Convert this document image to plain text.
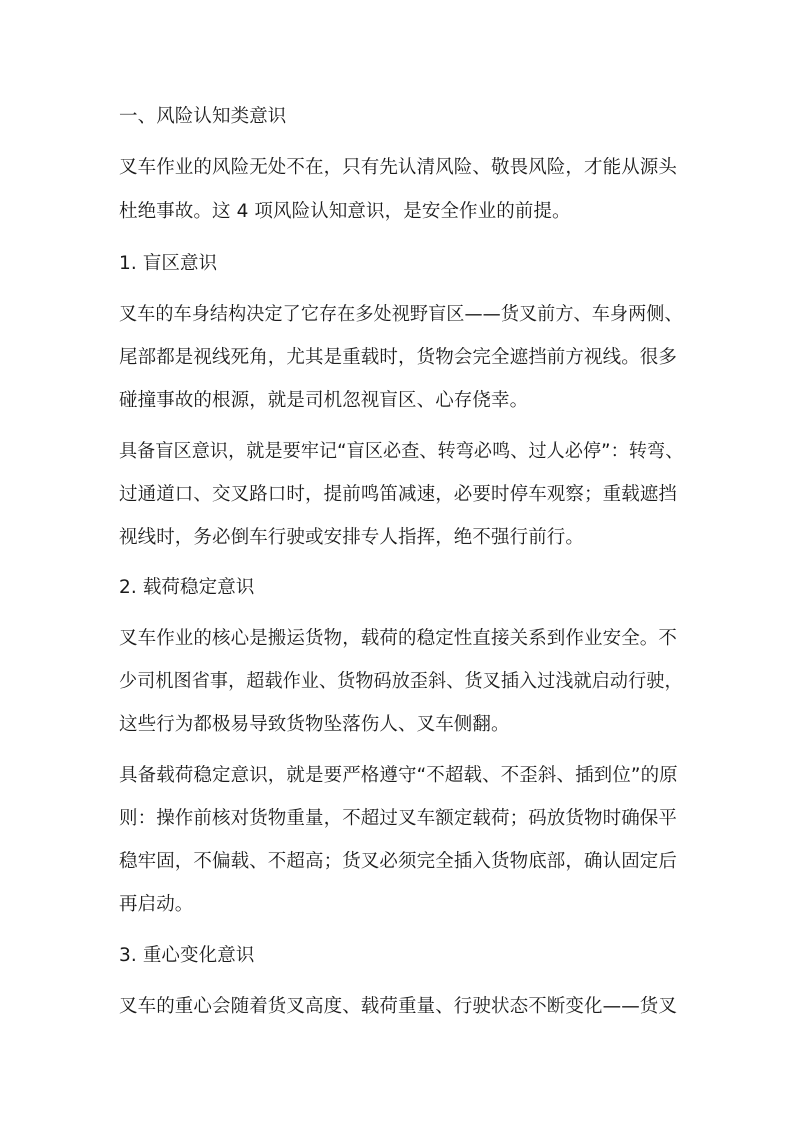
一、风险认知类意识

叉车作业的风险无处不在，只有先认清风险、敬畏风险，才能从源头

杜绝事故。这 4 项风险认知意识，是安全作业的前提。

1. 盲区意识

叉车的车身结构决定了它存在多处视野盲区——货叉前方、车身两侧、

尾部都是视线死角，尤其是重载时，货物会完全遮挡前方视线。很多

碰撞事故的根源，就是司机忽视盲区、心存侥幸。

具备盲区意识，就是要牢记“盲区必查、转弯必鸣、过人必停”：转弯、

过通道口、交叉路口时，提前鸣笛减速，必要时停车观察；重载遮挡

视线时，务必倒车行驶或安排专人指挥，绝不强行前行。

2. 载荷稳定意识

叉车作业的核心是搬运货物，载荷的稳定性直接关系到作业安全。不

少司机图省事，超载作业、货物码放歪斜、货叉插入过浅就启动行驶，

这些行为都极易导致货物坠落伤人、叉车侧翻。

具备载荷稳定意识，就是要严格遵守“不超载、不歪斜、插到位”的原

则：操作前核对货物重量，不超过叉车额定载荷；码放货物时确保平

稳牢固，不偏载、不超高；货叉必须完全插入货物底部，确认固定后

再启动。

3. 重心变化意识

叉车的重心会随着货叉高度、载荷重量、行驶状态不断变化——货叉
